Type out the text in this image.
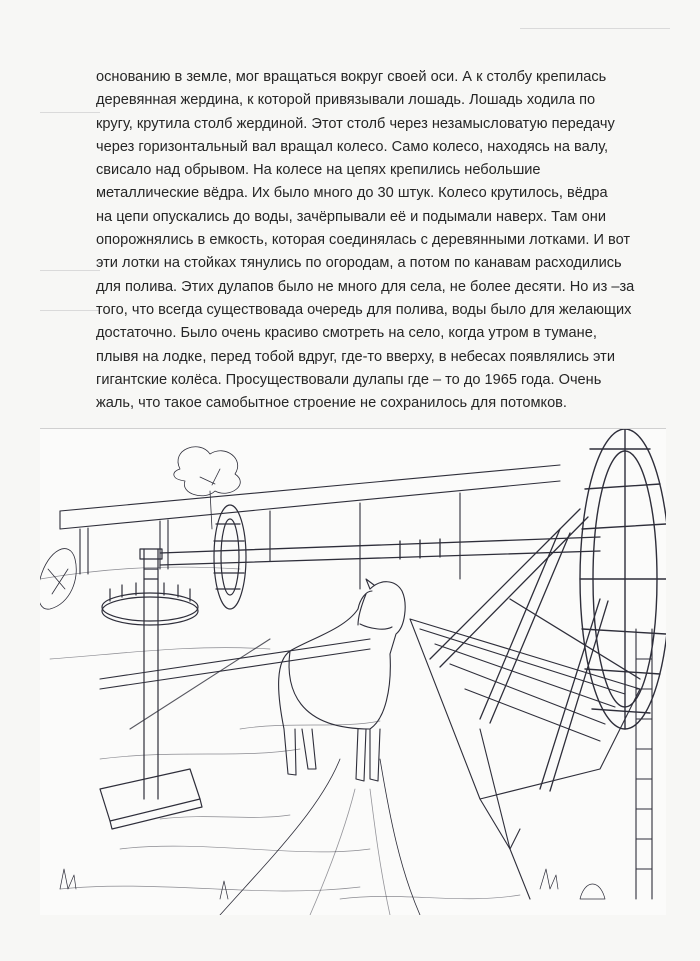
основанию в земле, мог вращаться вокруг своей оси. А к столбу крепилась
деревянная жердина, к которой привязывали лошадь. Лошадь ходила по
кругу, крутила столб жердиной. Этот столб через незамысловатую передачу
через горизонтальный вал вращал колесо. Само колесо, находясь на валу,
свисало над обрывом. На колесе на цепях крепились небольшие
металлические вёдра. Их было много до 30 штук. Колесо крутилось, вёдра
на цепи опускались до воды, зачёрпывали её и подымали наверх. Там они
опорожнялись в емкость, которая соединялась с деревянными лотками. И вот
эти лотки на стойках тянулись по огородам, а потом по канавам расходились
для полива. Этих дулапов было не много для села, не более десяти. Но из –за
того, что всегда существовада очередь для полива, воды было для желающих
достаточно. Было очень красиво смотреть на село, когда утром в тумане,
плывя на лодке, перед тобой вдруг, где-то вверху, в небесах появлялись эти
гигантские колёса. Просуществовали дулапы где – то до 1965 года. Очень
жаль, что такое самобытное строение не сохранилось для потомков.
